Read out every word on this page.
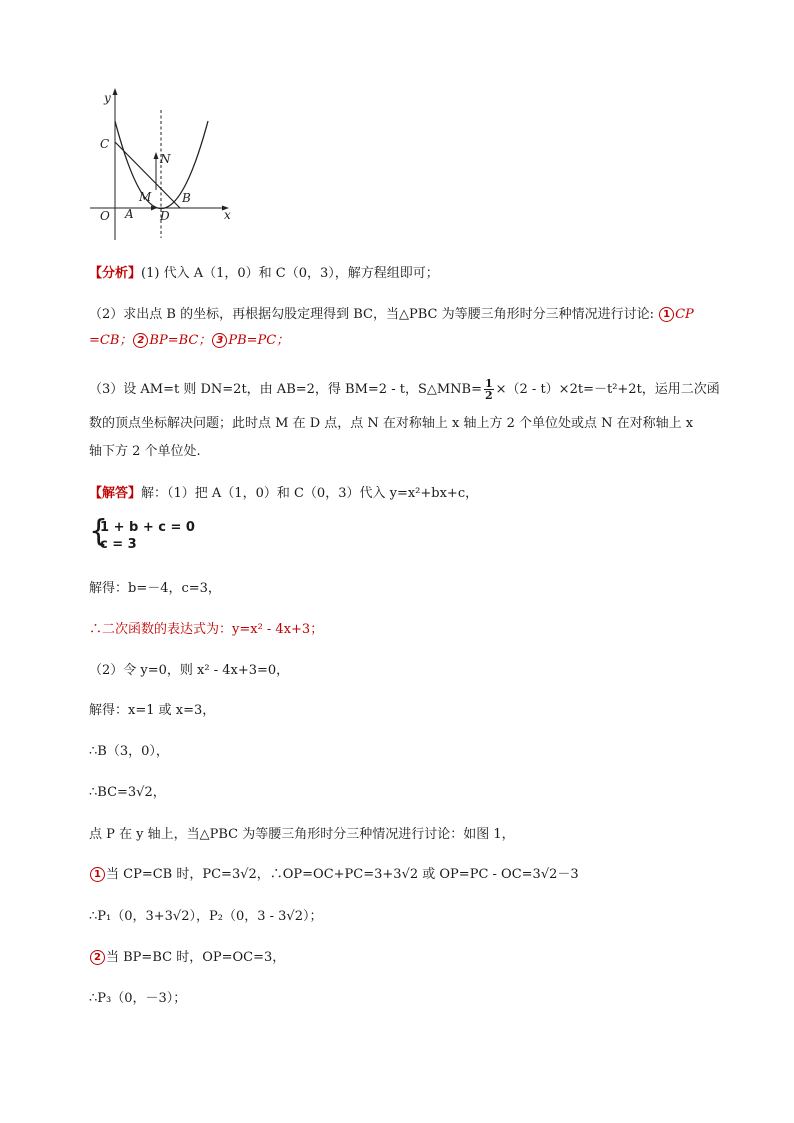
y
C
N
M	B
O A D	x
【分析】(1) 代入 A（1，0）和 C（0，3），解方程组即可；
（2）求出点 B 的坐标，再根据勾股定理得到 BC，当△PBC 为等腰三角形时分三种情况进行讨论: 1 CP
=CB； 2 BP=BC； 3 PB=PC；
（3）设 AM=t 则 DN=2t，由 AB=2，得 BM=2 - t，S△MNB= $\frac{1}{2} \times(2 - t)\times 2t=-t^2+2t$，运用二次函
数的顶点坐标解决问题；此时点 M 在 D 点，点 N 在对称轴上 x 轴上方 2 个单位处或点 N 在对称轴上 x
轴下方 2 个单位处.
【解答】解：（1）把 A（1，0）和 C（0，3）代入 y=x²+bx+c，
{
1 + b + c = 0
c = 3
解得：b=－4，c=3，
∴二次函数的表达式为：y=x² - 4x+3；
（2）令 y=0，则 x² - 4x+3=0，
解得：x=1 或 x=3，
∴B（3，0），
∴BC=3√2，
点 P 在 y 轴上，当△PBC 为等腰三角形时分三种情况进行讨论：如图 1，
1 当 CP=CB 时，PC=3√2，∴OP=OC+PC=3+3√2 或 OP=PC - OC=3√2－3
∴P₁（0，3+3√2），P₂（0，3 - 3√2）；
2 当 BP=BC 时，OP=OC=3，
∴P₃（0，－3）；
